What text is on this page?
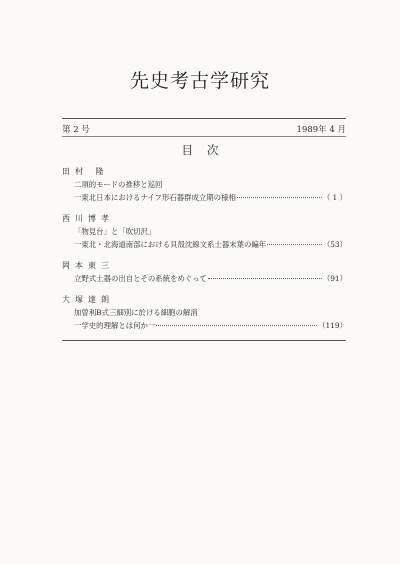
先史考古学研究
第 2 号	1989年 4 月
目次
田村 隆
二項的モードの推移と巡回
一東北日本におけるナイフ形石器群成立期の様相	（ 1 ）
西川博孝
「物見台」と「吹切沢」
一東北・北海道南部における貝殻沈線文系土器末葉の編年	（53）
岡本東三
立野式土器の出自とその系統をめぐって	（91）
大塚達朗
加曽利B式三細別に於ける細胞の解消
一学史的理解とは何か一	（119）
